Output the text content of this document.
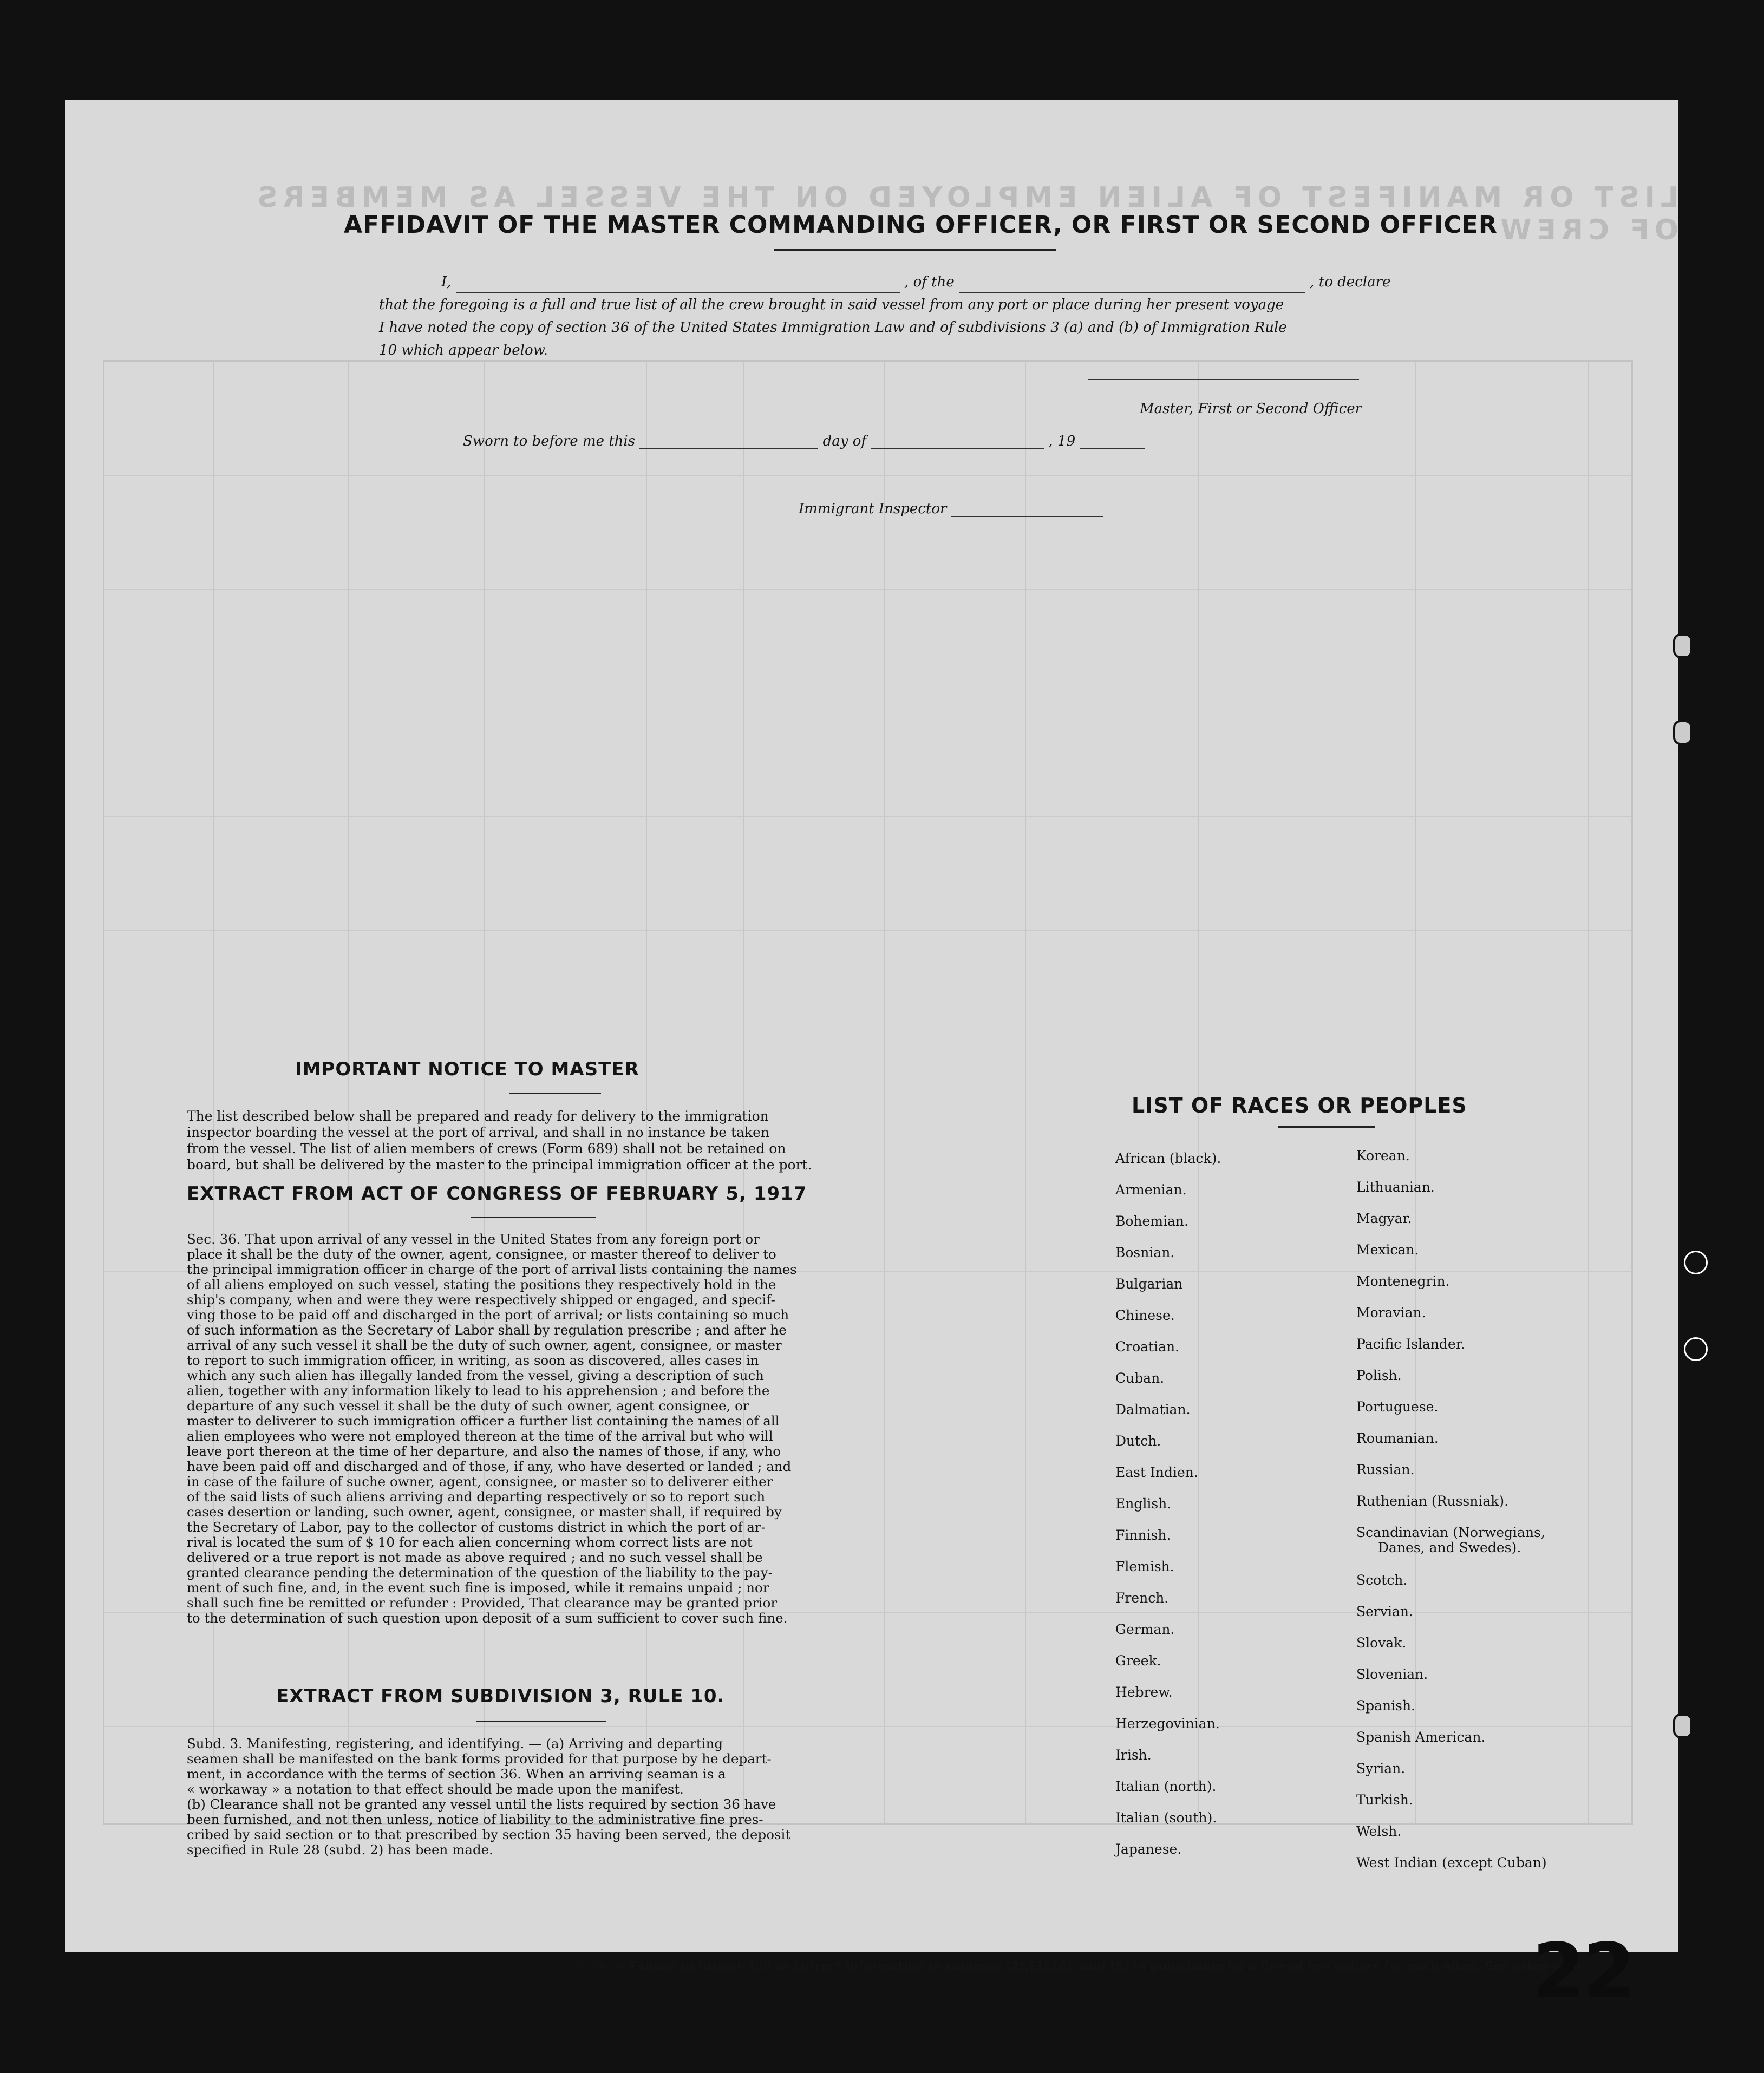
LIST OR MANIFEST OF ALIEN EMPLOYED ON THE VESSEL AS MEMBERS OF CREW
AFFIDAVIT OF THE MASTER COMMANDING OFFICER, OR FIRST OR SECOND OFFICER

I,	, of the	, to declare

that the foregoing is a full and true list of all the crew brought in said vessel from any port or place during her present voyage

I have noted the copy of section 36 of the United States Immigration Law and of subdivisions 3 (a) and (b) of Immigration Rule

10 which appear below.

Master, First or Second Officer
Sworn to before me this	day of	, 19
Immigrant Inspector
IMPORTANT NOTICE TO MASTER
The list described below shall be prepared and ready for delivery to the immigration
inspector boarding the vessel at the port of arrival, and shall in no instance be taken
from the vessel. The list of alien members of crews (Form 689) shall not be retained on
board, but shall be delivered by the master to the principal immigration officer at the port.
EXTRACT FROM ACT OF CONGRESS OF FEBRUARY 5, 1917
Sec. 36. That upon arrival of any vessel in the United States from any foreign port or
place it shall be the duty of the owner, agent, consignee, or master thereof to deliver to
the principal immigration officer in charge of the port of arrival lists containing the names
of all aliens employed on such vessel, stating the positions they respectively hold in the
ship's company, when and were they were respectively shipped or engaged, and specif-
ving those to be paid off and discharged in the port of arrival; or lists containing so much
of such information as the Secretary of Labor shall by regulation prescribe ; and after he
arrival of any such vessel it shall be the duty of such owner, agent, consignee, or master
to report to such immigration officer, in writing, as soon as discovered, alles cases in
which any such alien has illegally landed from the vessel, giving a description of such
alien, together with any information likely to lead to his apprehension ; and before the
departure of any such vessel it shall be the duty of such owner, agent consignee, or
master to deliverer to such immigration officer a further list containing the names of all
alien employees who were not employed thereon at the time of the arrival but who will
leave port thereon at the time of her departure, and also the names of those, if any, who
have been paid off and discharged and of those, if any, who have deserted or landed ; and
in case of the failure of suche owner, agent, consignee, or master so to deliverer either
of the said lists of such aliens arriving and departing respectively or so to report such
cases desertion or landing, such owner, agent, consignee, or master shall, if required by
the Secretary of Labor, pay to the collector of customs district in which the port of ar-
rival is located the sum of $ 10 for each alien concerning whom correct lists are not
delivered or a true report is not made as above required ; and no such vessel shall be
granted clearance pending the determination of the question of the liability to the pay-
ment of such fine, and, in the event such fine is imposed, while it remains unpaid ; nor
shall such fine be remitted or refunder : Provided, That clearance may be granted prior
to the determination of such question upon deposit of a sum sufficient to cover such fine.
EXTRACT FROM SUBDIVISION 3, RULE 10.
Subd. 3. Manifesting, registering, and identifying. — (a) Arriving and departing
seamen shall be manifested on the bank forms provided for that purpose by he depart-
ment, in accordance with the terms of section 36. When an arriving seaman is a
« workaway » a notation to that effect should be made upon the manifest.
(b) Clearance shall not be granted any vessel until the lists required by section 36 have
been furnished, and not then unless, notice of liability to the administrative fine pres-
cribed by said section or to that prescribed by section 35 having been served, the deposit
specified in Rule 28 (subd. 2) has been made.
LIST OF RACES OR PEOPLES
African (black).
Armenian.
Bohemian.
Bosnian.
Bulgarian
Chinese.
Croatian.
Cuban.
Dalmatian.
Dutch.
East Indien.
English.
Finnish.
Flemish.
French.
German.
Greek.
Hebrew.
Herzegovinian.
Irish.
Italian (north).
Italian (south).
Japanese.
Korean.
Lithuanian.
Magyar.
Mexican.
Montenegrin.
Moravian.
Pacific Islander.
Polish.
Portuguese.
Roumanian.
Russian.
Ruthenian (Russniak).
Scandinavian (Norwegians,
Danes, and Swedes).
Scotch.
Servian.
Slovak.
Slovenian.
Spanish.
Spanish American.
Syrian.
Turkish.
Welsh.
West Indian (except Cuban)
Note. — Failure to furnish full or correct information in columns (2),(3),(4), and (5) in punishable by a fine of ten dollars for each alien. See other side
22
